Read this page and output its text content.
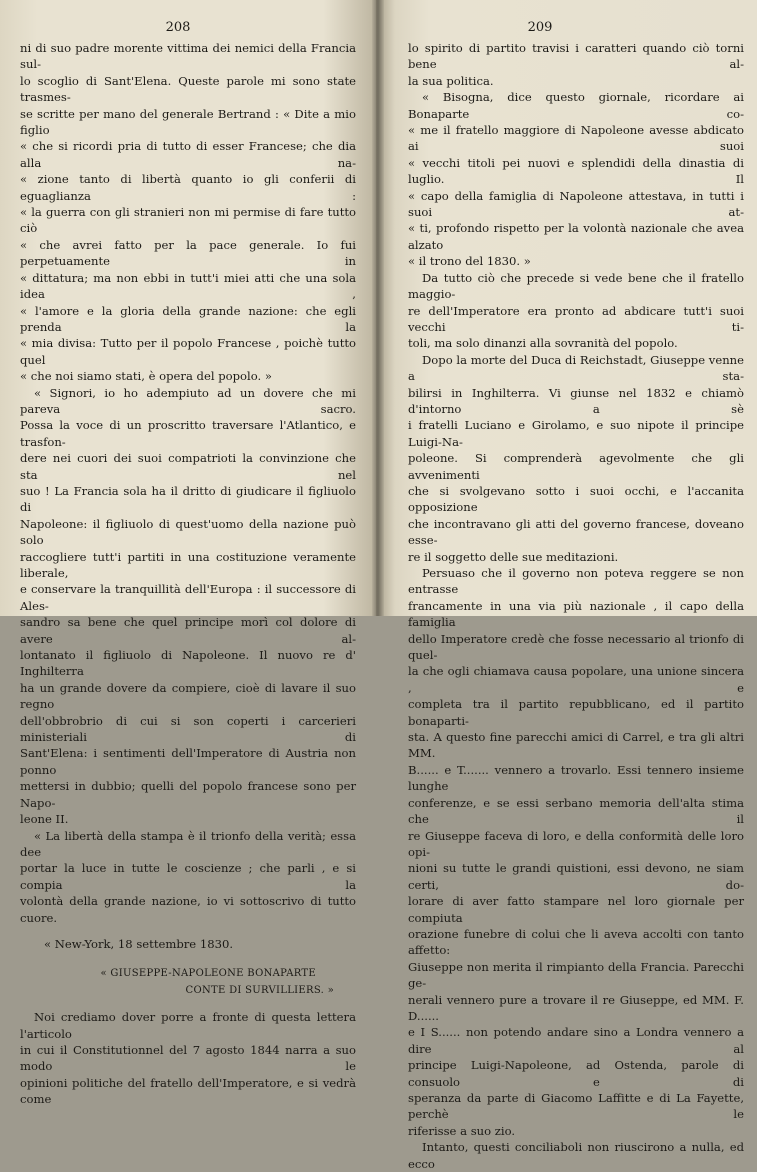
208

ni di suo padre morente vittima dei nemici della Francia sul-

lo scoglio di Sant'Elena. Queste parole mi sono state trasmes-

se scritte per mano del generale Bertrand : « Dite a mio figlio

« che si ricordi pria di tutto di esser Francese; che dia alla na-

« zione tanto di libertà quanto io gli conferii di eguaglianza :

« la guerra con gli stranieri non mi permise di fare tutto ciò

« che avrei fatto per la pace generale. Io fui perpetuamente in

« dittatura; ma non ebbi in tutt'i miei atti che una sola idea ,

« l'amore e la gloria della grande nazione: che egli prenda la

« mia divisa: Tutto per il popolo Francese , poichè tutto quel

« che noi siamo stati, è opera del popolo. »

« Signori, io ho adempiuto ad un dovere che mi pareva sacro.

Possa la voce di un proscritto traversare l'Atlantico, e trasfon-

dere nei cuori dei suoi compatrioti la convinzione che sta nel

suo ! La Francia sola ha il dritto di giudicare il figliuolo di

Napoleone: il figliuolo di quest'uomo della nazione può solo

raccogliere tutt'i partiti in una costituzione veramente liberale,

e conservare la tranquillità dell'Europa : il successore di Ales-

sandro sa bene che quel principe morì col dolore di avere al-

lontanato il figliuolo di Napoleone. Il nuovo re d' Inghilterra

ha un grande dovere da compiere, cioè di lavare il suo regno

dell'obbrobrio di cui si son coperti i carcerieri ministeriali di

Sant'Elena: i sentimenti dell'Imperatore di Austria non ponno

mettersi in dubbio; quelli del popolo francese sono per Napo-

leone II.

« La libertà della stampa è il trionfo della verità; essa dee

portar la luce in tutte le coscienze ; che parli , e si compia la

volontà della grande nazione, io vi sottoscrivo di tutto cuore.

« New-York, 18 settembre 1830.

« GIUSEPPE-NAPOLEONE BONAPARTE

CONTE DI SURVILLIERS. »

Noi crediamo dover porre a fronte di questa lettera l'articolo

in cui il Constitutionnel del 7 agosto 1844 narra a suo modo le

opinioni politiche del fratello dell'Imperatore, e si vedrà come

209

lo spirito di partito travisi i caratteri quando ciò torni bene al-

la sua politica.

« Bisogna, dice questo giornale, ricordare ai Bonaparte co-

« me il fratello maggiore di Napoleone avesse abdicato ai suoi

« vecchi titoli pei nuovi e splendidi della dinastia di luglio. Il

« capo della famiglia di Napoleone attestava, in tutti i suoi at-

« ti, profondo rispetto per la volontà nazionale che avea alzato

« il trono del 1830. »

Da tutto ciò che precede si vede bene che il fratello maggio-

re dell'Imperatore era pronto ad abdicare tutt'i suoi vecchi ti-

toli, ma solo dinanzi alla sovranità del popolo.

Dopo la morte del Duca di Reichstadt, Giuseppe venne a sta-

bilirsi in Inghilterra. Vi giunse nel 1832 e chiamò d'intorno a sè

i fratelli Luciano e Girolamo, e suo nipote il principe Luigi-Na-

poleone. Si comprenderà agevolmente che gli avvenimenti

che si svolgevano sotto i suoi occhi, e l'accanita opposizione

che incontravano gli atti del governo francese, doveano esse-

re il soggetto delle sue meditazioni.

Persuaso che il governo non poteva reggere se non entrasse

francamente in una via più nazionale , il capo della famiglia

dello Imperatore credè che fosse necessario al trionfo di quel-

la che ogli chiamava causa popolare, una unione sincera , e

completa tra il partito repubblicano, ed il partito bonaparti-

sta. A questo fine parecchi amici di Carrel, e tra gli altri MM.

B...... e T....... vennero a trovarlo. Essi tennero insieme lunghe

conferenze, e se essi serbano memoria dell'alta stima che il

re Giuseppe faceva di loro, e della conformità delle loro opi-

nioni su tutte le grandi quistioni, essi devono, ne siam certi, do-

lorare di aver fatto stampare nel loro giornale per compiuta

orazione funebre di colui che li aveva accolti con tanto affetto:

Giuseppe non merita il rimpianto della Francia. Parecchi ge-

nerali vennero pure a trovare il re Giuseppe, ed MM. F. D......

e I S...... non potendo andare sino a Londra vennero a dire al

principe Luigi-Napoleone, ad Ostenda, parole di consuolo e di

speranza da parte di Giacomo Laffitte e di La Fayette, perchè le

riferisse a suo zio.

Intanto, questi conciliaboli non riuscirono a nulla, ed ecco
